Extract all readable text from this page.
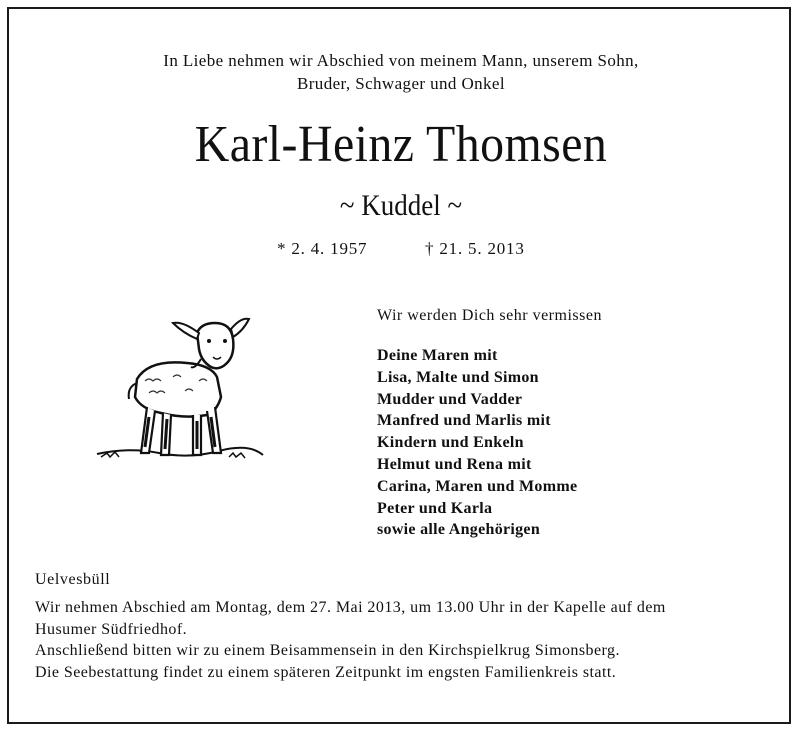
In Liebe nehmen wir Abschied von meinem Mann, unserem Sohn,
Bruder, Schwager und Onkel
Karl-Heinz Thomsen
~ Kuddel ~
* 2. 4. 1957	† 21. 5. 2013
Wir werden Dich sehr vermissen
Deine Maren mit
Lisa, Malte und Simon
Mudder und Vadder
Manfred und Marlis mit
Kindern und Enkeln
Helmut und Rena mit
Carina, Maren und Momme
Peter und Karla
sowie alle Angehörigen
Uelvesbüll
Wir nehmen Abschied am Montag, dem 27. Mai 2013, um 13.00 Uhr in der Kapelle auf dem
Husumer Südfriedhof.
Anschließend bitten wir zu einem Beisammensein in den Kirchspielkrug Simonsberg.
Die Seebestattung findet zu einem späteren Zeitpunkt im engsten Familienkreis statt.
